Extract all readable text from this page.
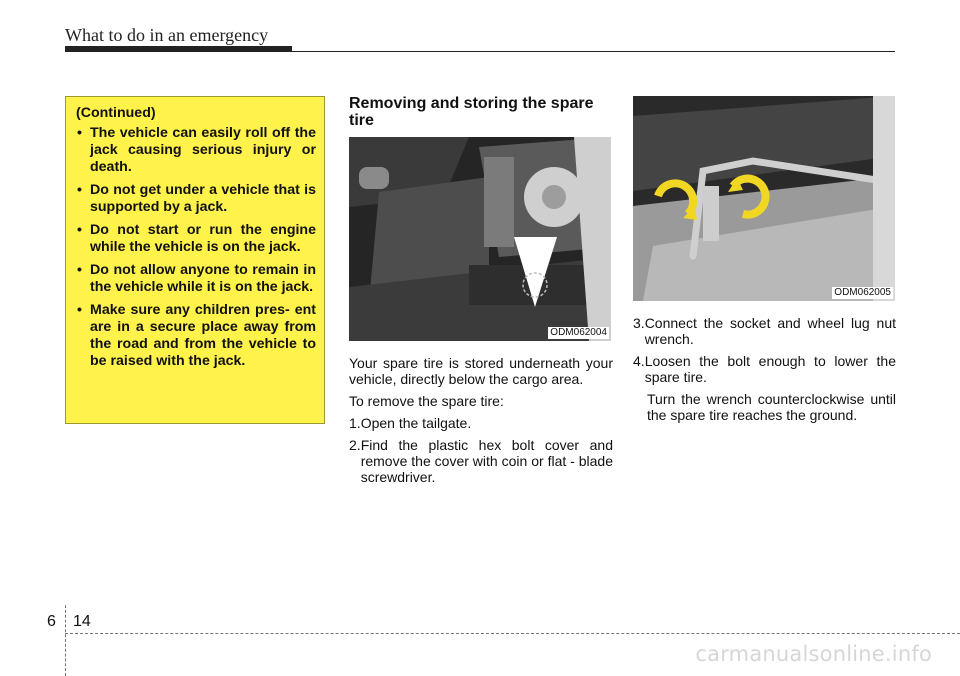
What to do in an emergency
(Continued)
• The vehicle can easily roll off the jack causing serious injury or death.
• Do not get under a vehicle that is supported by a jack.
• Do not start or run the engine while the vehicle is on the jack.
• Do not allow anyone to remain in the vehicle while it is on the jack.
• Make sure any children pres- ent are in a secure place away from the road and from the vehicle to be raised with the jack.
Removing and storing the spare tire
ODM062004
ODM062005

Your spare tire is stored underneath your vehicle, directly below the cargo area.

To remove the spare tire:

1. Open the tailgate.
2. Find the plastic hex bolt cover and remove the cover with coin or flat - blade screwdriver.
3. Connect the socket and wheel lug nut wrench.
4. Loosen the bolt enough to lower the spare tire.
Turn the wrench counterclockwise until the spare tire reaches the ground.
6 14
carmanualsonline.info
